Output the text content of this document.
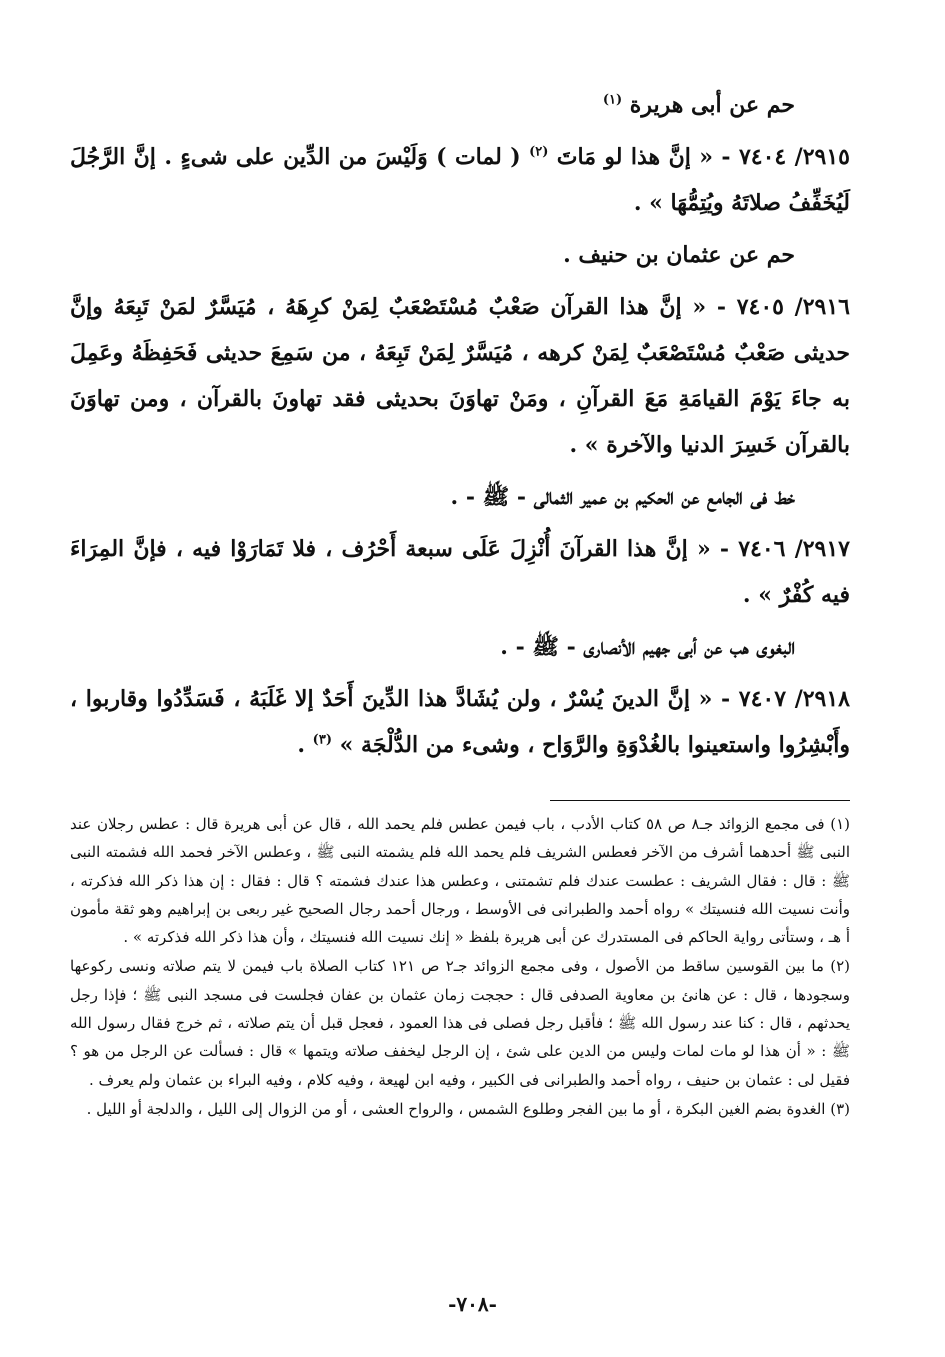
حم عن أبى هريرة $^{(١)}$

٢٩١٥/ ٧٤٠٤ - « إنَّ هذا لو مَاتَ $^{(٢)}$ ( لمات ) وَلَيْسَ من الدِّين على شىءٍ . إنَّ الرَّجُلَ لَيُخَفِّفُ صلاتَهُ ويُتِمُّهَا » .

حم عن عثمان بن حنيف .

٢٩١٦/ ٧٤٠٥ - « إنَّ هذا القرآن صَعْبٌ مُسْتَصْعَبٌ لِمَنْ كرِهَهُ ، مُيَسَّرٌ لمَنْ تَبِعَهُ وإنَّ حديثى صَعْبٌ مُسْتَصْعَبٌ لِمَنْ كرهه ، مُيَسَّرٌ لِمَنْ تَبِعَهُ ، من سَمِعَ حديثى فَحَفِظَهُ وعَمِلَ به جاءَ يَوْمَ القيامَةِ مَعَ القرآنِ ، ومَنْ تهاوَنَ بحديثى فقد تهاونَ بالقرآن ، ومن تهاوَنَ بالقرآن خَسِرَ الدنيا والآخرة » .

خط فى الجامع عن الحكيم بن عمير الثمالى - ﷺ - .

٢٩١٧/ ٧٤٠٦ - « إنَّ هذا القرآنَ أُنْزِلَ عَلَى سبعة أَحْرُف ، فلا تَمَارَوْا فيه ، فإنَّ المِرَاءَ فيه كُفْرٌ » .

البغوى هب عن أبى جهيم الأنصارى - ﷺ - .

٢٩١٨/ ٧٤٠٧ - « إنَّ الدينَ يُسْرٌ ، ولن يُشَادَّ هذا الدِّينَ أَحَدٌ إلا غَلَبَهُ ، فَسَدِّدُوا وقاربوا ، وأَبْشِرُوا واستعينوا بالغُدْوَةِ والرَّوَاح ، وشىء من الدُّلْجَة » $^{(٣)}$ .

(١) فى مجمع الزوائد جـ٨ ص ٥٨ كتاب الأدب ، باب فيمن عطس فلم يحمد الله ، قال عن أبى هريرة قال : عطس رجلان عند النبى ﷺ أحدهما أشرف من الآخر فعطس الشريف فلم يحمد الله فلم يشمته النبى ﷺ ، وعطس الآخر فحمد الله فشمته النبى ﷺ : قال : فقال الشريف : عطست عندك فلم تشمتنى ، وعطس هذا عندك فشمته ؟ قال : فقال : إن هذا ذكر الله فذكرته ، وأنت نسيت الله فنسيتك » رواه أحمد والطبرانى فى الأوسط ، ورجال أحمد رجال الصحيح غير ربعى بن إبراهيم وهو ثقة مأمون أ هـ ، وستأتى رواية الحاكم فى المستدرك عن أبى هريرة بلفظ « إنك نسيت الله فنسيتك ، وأن هذا ذكر الله فذكرته » .

(٢) ما بين القوسين ساقط من الأصول ، وفى مجمع الزوائد جـ٢ ص ١٢١ كتاب الصلاة باب فيمن لا يتم صلاته ونسى ركوعها وسجودها ، قال : عن هانئ بن معاوية الصدفى قال : حججت زمان عثمان بن عفان فجلست فى مسجد النبى ﷺ ؛ فإذا رجل يحدثهم ، قال : كنا عند رسول الله ﷺ ؛ فأقبل رجل فصلى فى هذا العمود ، فعجل قبل أن يتم صلاته ، ثم خرج فقال رسول الله ﷺ : « أن هذا لو مات لمات وليس من الدين على شئ ، إن الرجل ليخفف صلاته ويتمها » قال : فسألت عن الرجل من هو ؟ فقيل لى : عثمان بن حنيف ، رواه أحمد والطبرانى فى الكبير ، وفيه ابن لهيعة ، وفيه كلام ، وفيه البراء بن عثمان ولم يعرف .

(٣) الغدوة بضم الغين البكرة ، أو ما بين الفجر وطلوع الشمس ، والرواح العشى ، أو من الزوال إلى الليل ، والدلجة أو الليل .

-٧٠٨-
